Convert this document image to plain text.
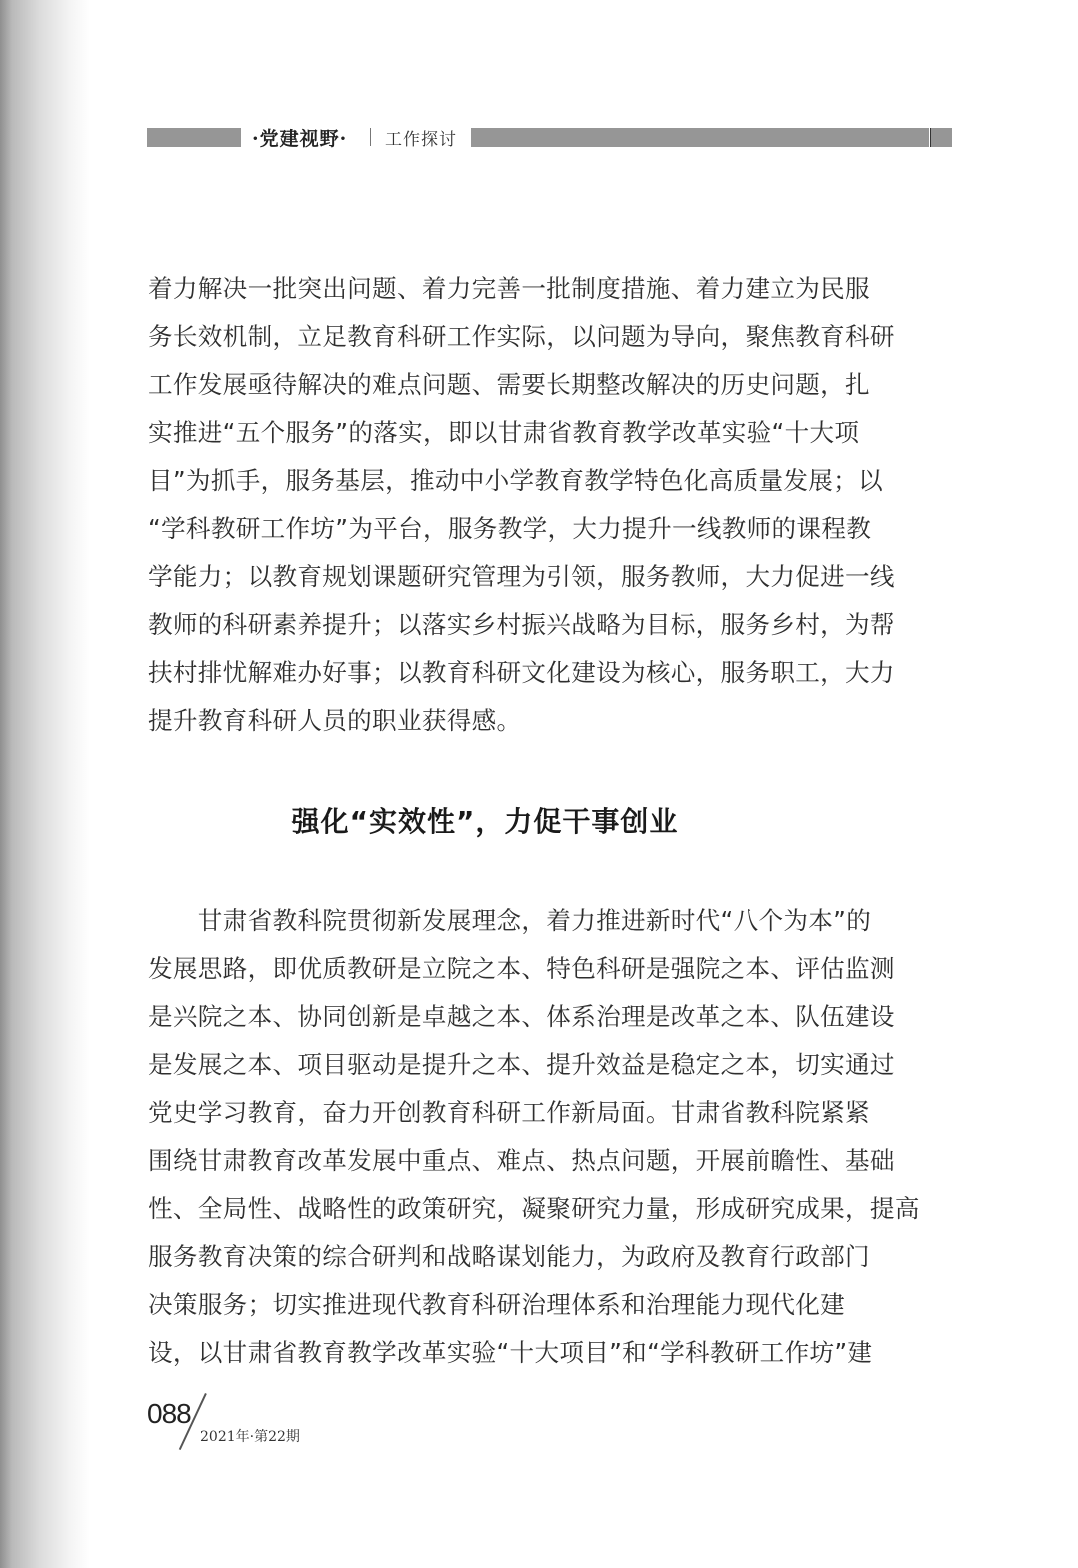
·党建视野· 工作探讨
着力解决一批突出问题、着力完善一批制度措施、着力建立为民服
务长效机制，立足教育科研工作实际，以问题为导向，聚焦教育科研
工作发展亟待解决的难点问题、需要长期整改解决的历史问题，扎
实推进“五个服务”的落实，即以甘肃省教育教学改革实验“十大项
目”为抓手，服务基层，推动中小学教育教学特色化高质量发展；以
“学科教研工作坊”为平台，服务教学，大力提升一线教师的课程教
学能力；以教育规划课题研究管理为引领，服务教师，大力促进一线
教师的科研素养提升；以落实乡村振兴战略为目标，服务乡村，为帮
扶村排忧解难办好事；以教育科研文化建设为核心，服务职工，大力
提升教育科研人员的职业获得感。
强化“实效性”，力促干事创业
　　甘肃省教科院贯彻新发展理念，着力推进新时代“八个为本”的
发展思路，即优质教研是立院之本、特色科研是强院之本、评估监测
是兴院之本、协同创新是卓越之本、体系治理是改革之本、队伍建设
是发展之本、项目驱动是提升之本、提升效益是稳定之本，切实通过
党史学习教育，奋力开创教育科研工作新局面。甘肃省教科院紧紧
围绕甘肃教育改革发展中重点、难点、热点问题，开展前瞻性、基础
性、全局性、战略性的政策研究，凝聚研究力量，形成研究成果，提高
服务教育决策的综合研判和战略谋划能力，为政府及教育行政部门
决策服务；切实推进现代教育科研治理体系和治理能力现代化建
设，以甘肃省教育教学改革实验“十大项目”和“学科教研工作坊”建
088
2021年·第22期
